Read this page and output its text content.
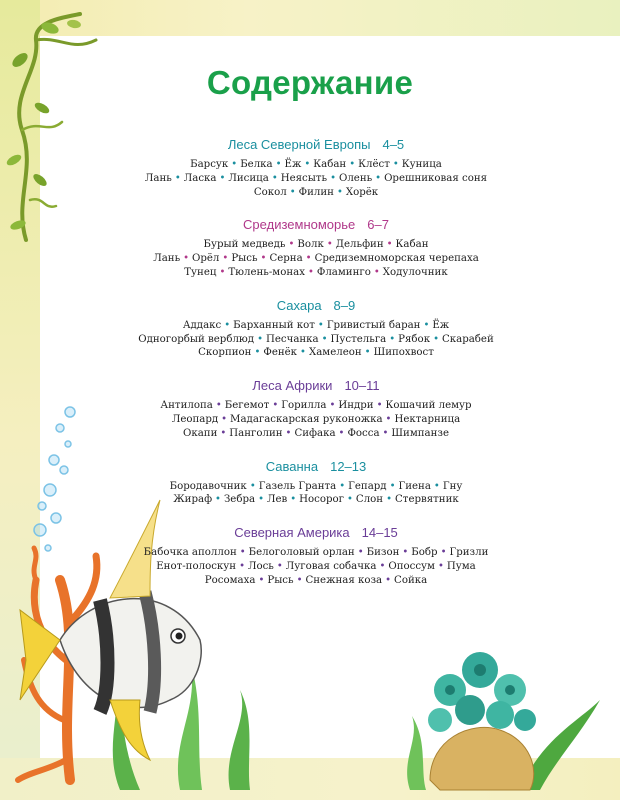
Содержание
Леса Северной Европы 4–5
Барсук • Белка • Ёж • Кабан • Клёст • Куница
Лань • Ласка • Лисица • Неясыть • Олень • Орешниковая соня
Сокол • Филин • Хорёк
Средиземноморье 6–7
Бурый медведь • Волк • Дельфин • Кабан
Лань • Орёл • Рысь • Серна • Средиземноморская черепаха
Тунец • Тюлень-монах • Фламинго • Ходулочник
Сахара 8–9
Аддакс • Барханный кот • Гривистый баран • Ёж
Одногорбый верблюд • Песчанка • Пустельга • Рябок • Скарабей
Скорпион • Фенёк • Хамелеон • Шипохвост
Леса Африки 10–11
Антилопа • Бегемот • Горилла • Индри • Кошачий лемур
Леопард • Мадагаскарская руконожка • Нектарница
Окапи • Панголин • Сифака • Фосса • Шимпанзе
Саванна 12–13
Бородавочник • Газель Гранта • Гепард • Гиена • Гну
Жираф • Зебра • Лев • Носорог • Слон • Стервятник
Северная Америка 14–15
Бабочка аполлон • Белоголовый орлан • Бизон • Бобр • Гризли
Енот-полоскун • Лось • Луговая собачка • Опоссум • Пума
Росомаха • Рысь • Снежная коза • Сойка
